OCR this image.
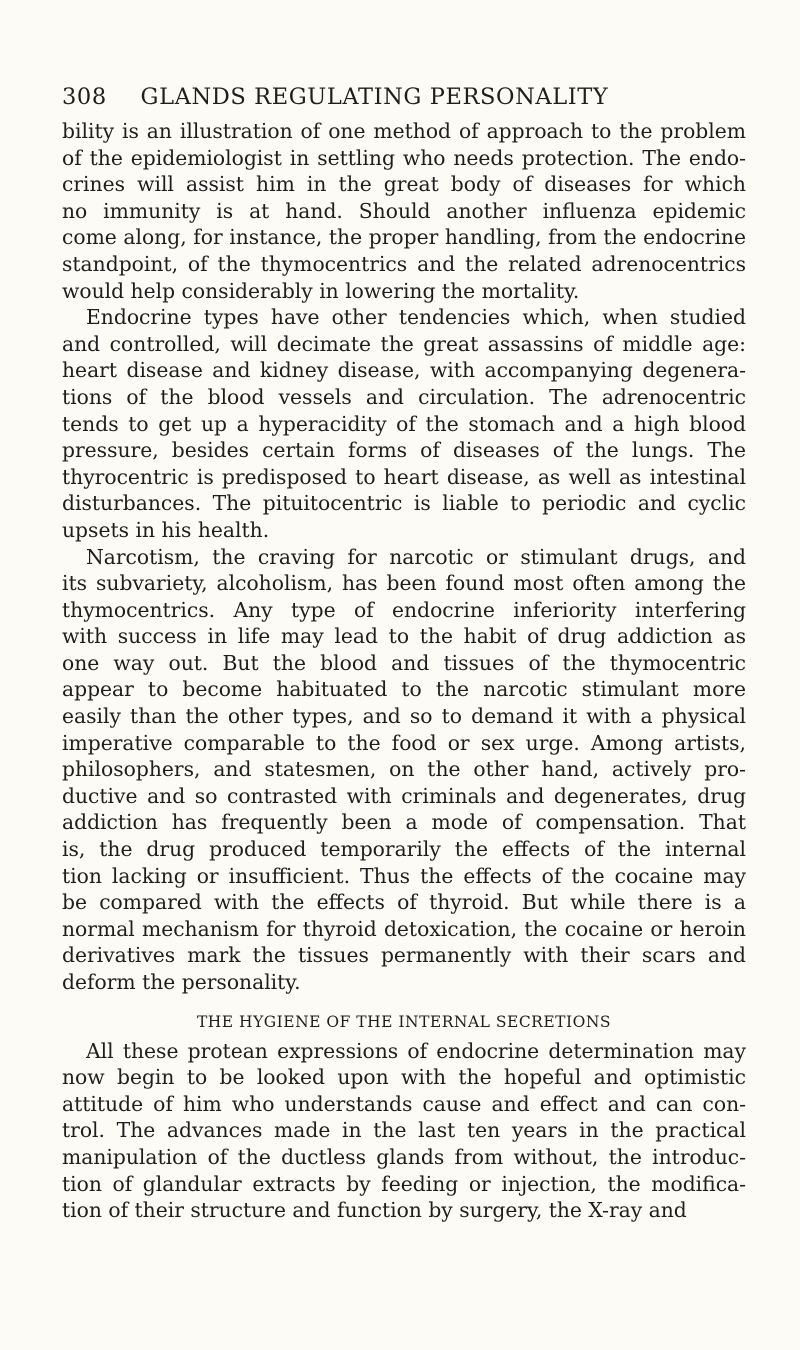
308 GLANDS REGULATING PERSONALITY
bility is an illustration of one method of approach to the problem
of the epidemiologist in settling who needs protection. The endo-
crines will assist him in the great body of diseases for which
no immunity is at hand. Should another influenza epidemic
come along, for instance, the proper handling, from the endocrine
standpoint, of the thymocentrics and the related adrenocentrics
would help considerably in lowering the mortality.
Endocrine types have other tendencies which, when studied
and controlled, will decimate the great assassins of middle age:
heart disease and kidney disease, with accompanying degenera-
tions of the blood vessels and circulation. The adrenocentric
tends to get up a hyperacidity of the stomach and a high blood
pressure, besides certain forms of diseases of the lungs. The
thyrocentric is predisposed to heart disease, as well as intestinal
disturbances. The pituitocentric is liable to periodic and cyclic
upsets in his health.
Narcotism, the craving for narcotic or stimulant drugs, and
its subvariety, alcoholism, has been found most often among the
thymocentrics. Any type of endocrine inferiority interfering
with success in life may lead to the habit of drug addiction as
one way out. But the blood and tissues of the thymocentric
appear to become habituated to the narcotic stimulant more
easily than the other types, and so to demand it with a physical
imperative comparable to the food or sex urge. Among artists,
philosophers, and statesmen, on the other hand, actively pro-
ductive and so contrasted with criminals and degenerates, drug
addiction has frequently been a mode of compensation. That
is, the drug produced temporarily the effects of the internal
tion lacking or insufficient. Thus the effects of the cocaine may
be compared with the effects of thyroid. But while there is a
normal mechanism for thyroid detoxication, the cocaine or heroin
derivatives mark the tissues permanently with their scars and
deform the personality.
THE HYGIENE OF THE INTERNAL SECRETIONS
All these protean expressions of endocrine determination may
now begin to be looked upon with the hopeful and optimistic
attitude of him who understands cause and effect and can con-
trol. The advances made in the last ten years in the practical
manipulation of the ductless glands from without, the introduc-
tion of glandular extracts by feeding or injection, the modifica-
tion of their structure and function by surgery, the X-ray and
